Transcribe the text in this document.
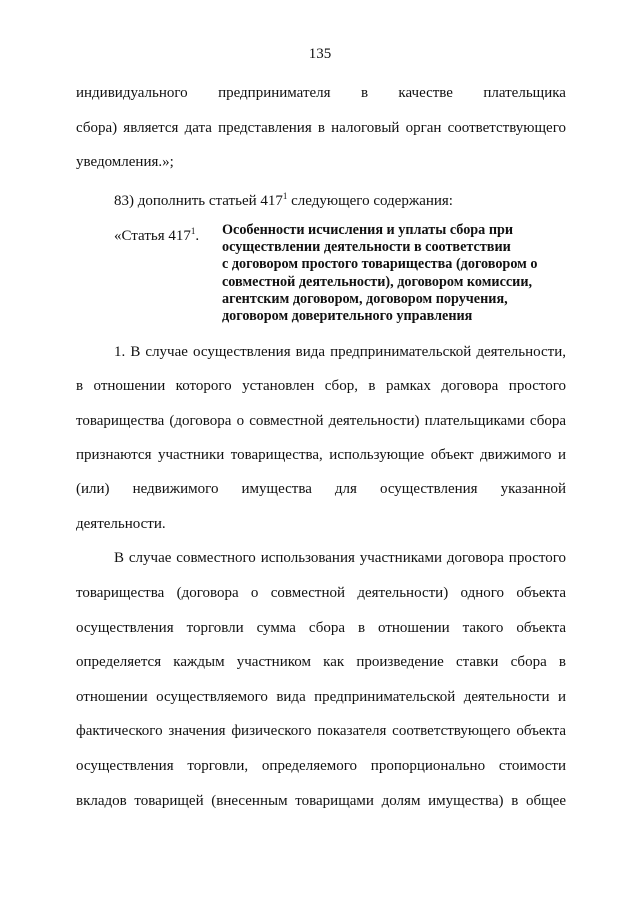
135
индивидуального предпринимателя в качестве плательщика
сбора) является дата представления в налоговый орган соответствующего
уведомления.»;
83) дополнить статьей $417^1$ следующего содержания:
«Статья $417^1$. Особенности исчисления и уплаты сбора при
осуществлении деятельности в соответствии
с договором простого товарищества (договором о
совместной деятельности), договором комиссии,
агентским договором, договором поручения,
договором доверительного управления
1. В случае осуществления вида предпринимательской деятельности,
в отношении которого установлен сбор, в рамках договора простого
товарищества (договора о совместной деятельности) плательщиками сбора
признаются участники товарищества, использующие объект движимого и
(или) недвижимого имущества для осуществления указанной
деятельности.
В случае совместного использования участниками договора простого
товарищества (договора о совместной деятельности) одного объекта
осуществления торговли сумма сбора в отношении такого объекта
определяется каждым участником как произведение ставки сбора в
отношении осуществляемого вида предпринимательской деятельности и
фактического значения физического показателя соответствующего объекта
осуществления торговли, определяемого пропорционально стоимости
вкладов товарищей (внесенным товарищами долям имущества) в общее
